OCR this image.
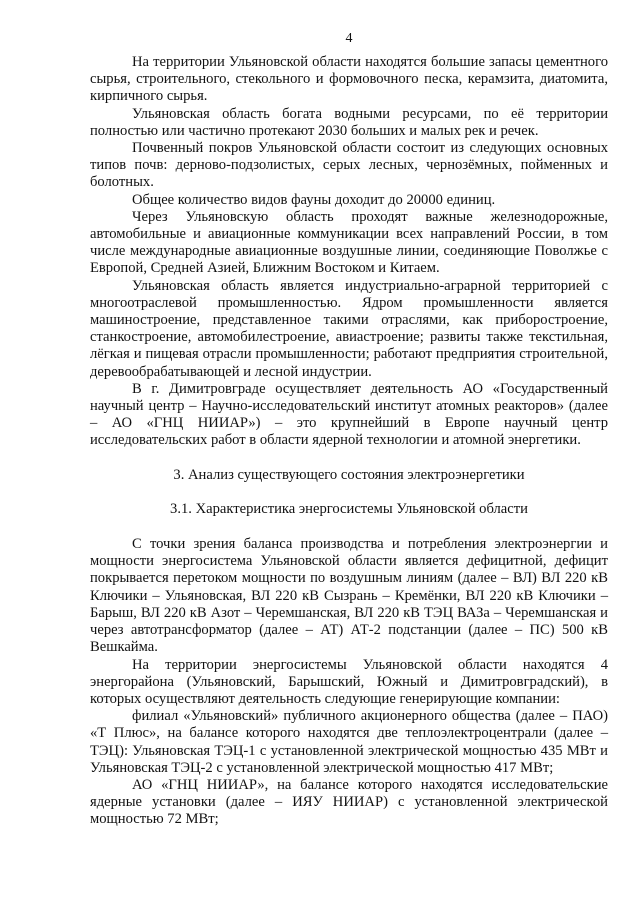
4

На территории Ульяновской области находятся большие запасы цементного сырья, строительного, стекольного и формовочного песка, керамзита, диатомита, кирпичного сырья.

Ульяновская область богата водными ресурсами, по её территории полностью или частично протекают 2030 больших и малых рек и речек.

Почвенный покров Ульяновской области состоит из следующих основных типов почв: дерново-подзолистых, серых лесных, чернозёмных, пойменных и болотных.

Общее количество видов фауны доходит до 20000 единиц.

Через Ульяновскую область проходят важные железнодорожные, автомобильные и авиационные коммуникации всех направлений России, в том числе международные авиационные воздушные линии, соединяющие Поволжье с Европой, Средней Азией, Ближним Востоком и Китаем.

Ульяновская область является индустриально-аграрной территорией с многоотраслевой промышленностью. Ядром промышленности является машиностроение, представленное такими отраслями, как приборостроение, станкостроение, автомобилестроение, авиастроение; развиты также текстильная, лёгкая и пищевая отрасли промышленности; работают предприятия строительной, деревообрабатывающей и лесной индустрии.

В г. Димитровграде осуществляет деятельность АО «Государственный научный центр – Научно-исследовательский институт атомных реакторов» (далее – АО «ГНЦ НИИАР») – это крупнейший в Европе научный центр исследовательских работ в области ядерной технологии и атомной энергетики.

3. Анализ существующего состояния электроэнергетики
3.1. Характеристика энергосистемы Ульяновской области

С точки зрения баланса производства и потребления электроэнергии и мощности энергосистема Ульяновской области является дефицитной, дефицит покрывается перетоком мощности по воздушным линиям (далее – ВЛ) ВЛ 220 кВ Ключики – Ульяновская, ВЛ 220 кВ Сызрань – Кремёнки, ВЛ 220 кВ Ключики – Барыш, ВЛ 220 кВ Азот – Черемшанская, ВЛ 220 кВ ТЭЦ ВАЗа – Черемшанская и через автотрансформатор (далее – АТ) АТ-2 подстанции (далее – ПС) 500 кВ Вешкайма.

На территории энергосистемы Ульяновской области находятся 4 энергорайона (Ульяновский, Барышский, Южный и Димитровградский), в которых осуществляют деятельность следующие генерирующие компании:

филиал «Ульяновский» публичного акционерного общества (далее – ПАО) «Т Плюс», на балансе которого находятся две теплоэлектроцентрали (далее – ТЭЦ): Ульяновская ТЭЦ-1 с установленной электрической мощностью 435 МВт и Ульяновская ТЭЦ-2 с установленной электрической мощностью 417 МВт;

АО «ГНЦ НИИАР», на балансе которого находятся исследовательские ядерные установки (далее – ИЯУ НИИАР) с установленной электрической мощностью 72 МВт;
